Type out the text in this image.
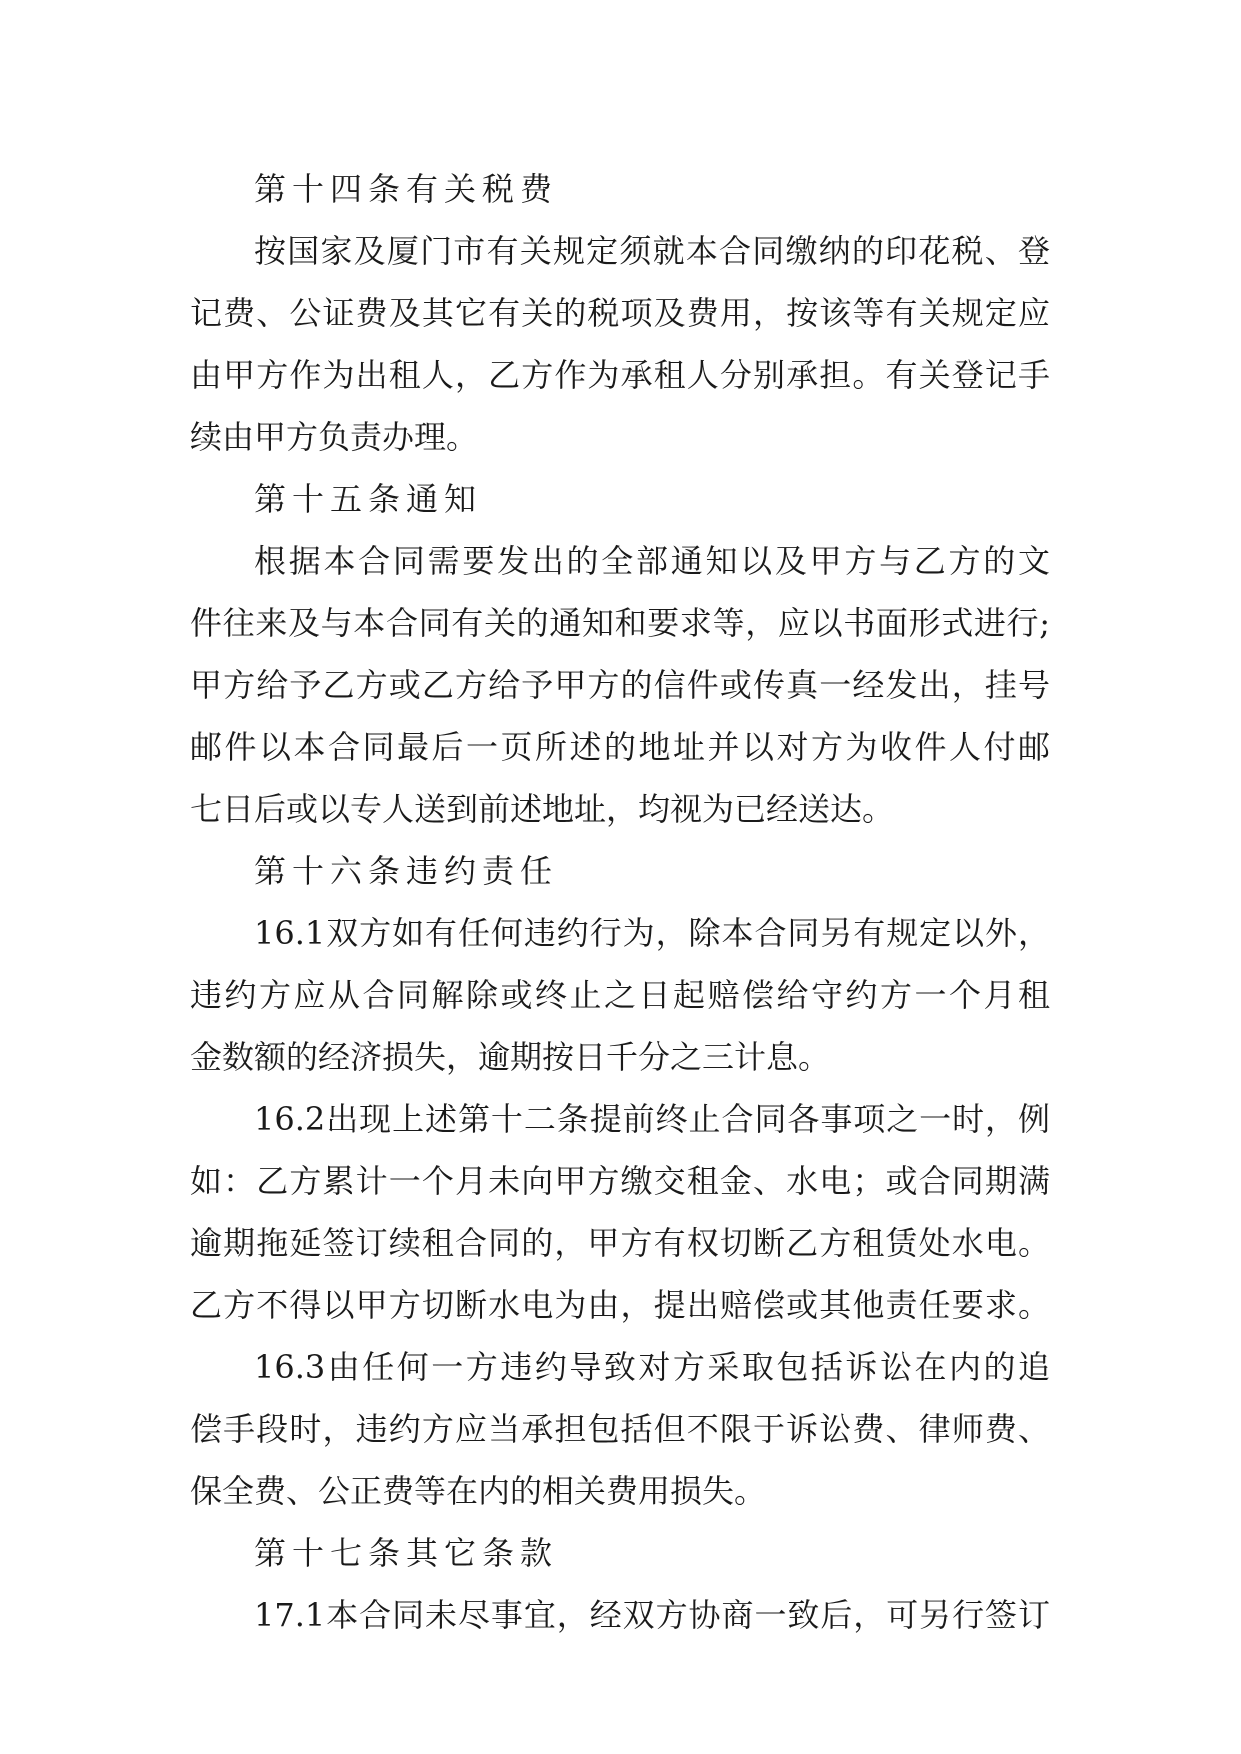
第十四条有关税费
按国家及厦门市有关规定须就本合同缴纳的印花税、登
记费、公证费及其它有关的税项及费用，按该等有关规定应
由甲方作为出租人，乙方作为承租人分别承担。有关登记手
续由甲方负责办理。
第十五条通知
根据本合同需要发出的全部通知以及甲方与乙方的文
件往来及与本合同有关的通知和要求等，应以书面形式进行;
甲方给予乙方或乙方给予甲方的信件或传真一经发出，挂号
邮件以本合同最后一页所述的地址并以对方为收件人付邮
七日后或以专人送到前述地址，均视为已经送达。
第十六条违约责任
16.1双方如有任何违约行为，除本合同另有规定以外，
违约方应从合同解除或终止之日起赔偿给守约方一个月租
金数额的经济损失，逾期按日千分之三计息。
16.2出现上述第十二条提前终止合同各事项之一时，例
如：乙方累计一个月未向甲方缴交租金、水电；或合同期满
逾期拖延签订续租合同的，甲方有权切断乙方租赁处水电。
乙方不得以甲方切断水电为由，提出赔偿或其他责任要求。
16.3由任何一方违约导致对方采取包括诉讼在内的追
偿手段时，违约方应当承担包括但不限于诉讼费、律师费、
保全费、公正费等在内的相关费用损失。
第十七条其它条款
17.1本合同未尽事宜，经双方协商一致后，可另行签订
